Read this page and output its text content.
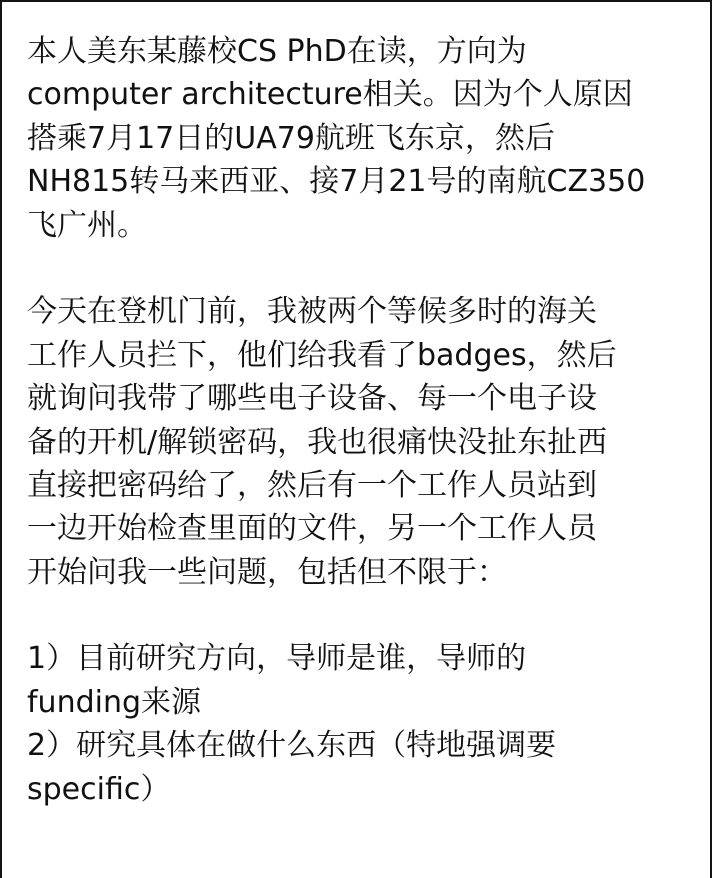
本人美东某藤校CS PhD在读，方向为
computer architecture相关。因为个人原因
搭乘7月17日的UA79航班飞东京，然后
NH815转马来西亚、接7月21号的南航CZ350
飞广州。
今天在登机门前，我被两个等候多时的海关
工作人员拦下，他们给我看了badges，然后
就询问我带了哪些电子设备、每一个电子设
备的开机/解锁密码，我也很痛快没扯东扯西
直接把密码给了，然后有一个工作人员站到
一边开始检查里面的文件，另一个工作人员
开始问我一些问题，包括但不限于：
1）目前研究方向，导师是谁，导师的
funding来源
2）研究具体在做什么东西（特地强调要
specific）
